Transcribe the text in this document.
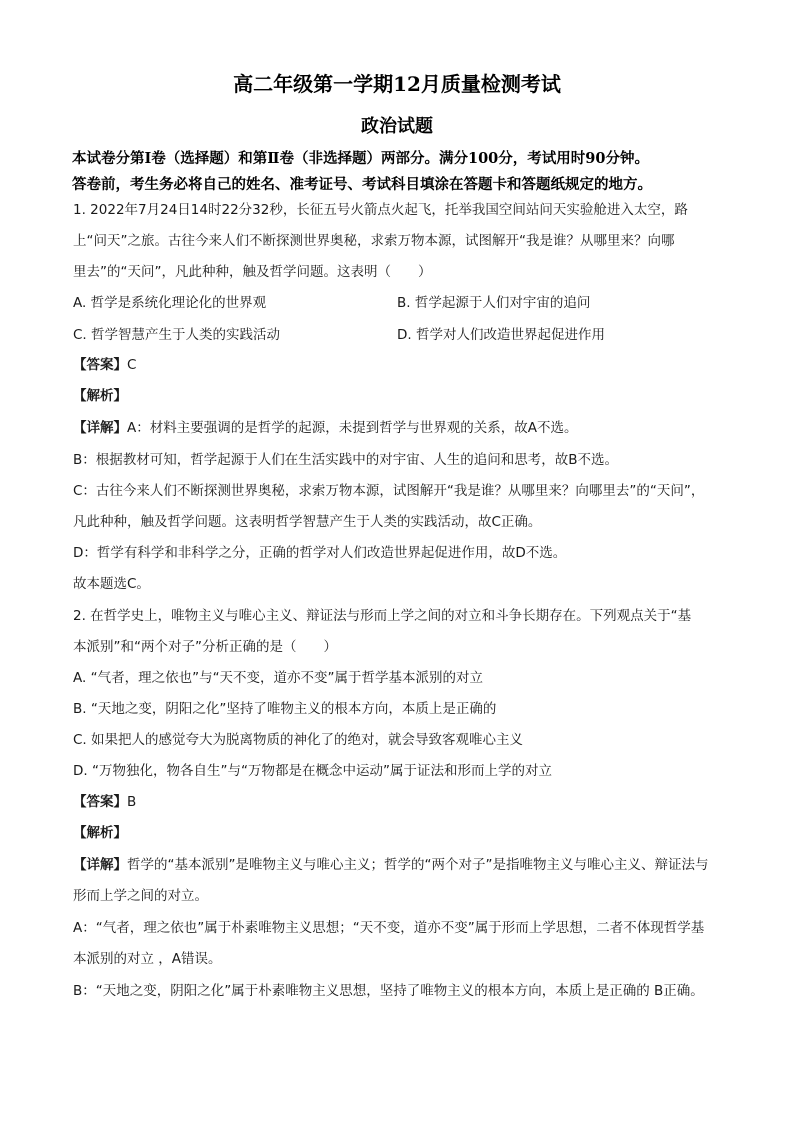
高二年级第一学期12月质量检测考试
政治试题
本试卷分第Ⅰ卷（选择题）和第Ⅱ卷（非选择题）两部分。满分100分，考试用时90分钟。
答卷前，考生务必将自己的姓名、准考证号、考试科目填涂在答题卡和答题纸规定的地方。
1. 2022年7月24日14时22分32秒，长征五号火箭点火起飞，托举我国空间站问天实验舱进入太空，路
上“问天”之旅。古往今来人们不断探测世界奥秘，求索万物本源，试图解开“我是谁？从哪里来？向哪
里去”的“天问”，凡此种种，触及哲学问题。这表明（　　）
A. 哲学是系统化理论化的世界观	B. 哲学起源于人们对宇宙的追问
C. 哲学智慧产生于人类的实践活动	D. 哲学对人们改造世界起促进作用
【答案】C
【解析】
【详解】A：材料主要强调的是哲学的起源，未提到哲学与世界观的关系，故A不选。
B：根据教材可知，哲学起源于人们在生活实践中的对宇宙、人生的追问和思考，故B不选。
C：古往今来人们不断探测世界奥秘，求索万物本源，试图解开“我是谁？从哪里来？向哪里去”的“天问”，
凡此种种，触及哲学问题。这表明哲学智慧产生于人类的实践活动，故C正确。
D：哲学有科学和非科学之分，正确的哲学对人们改造世界起促进作用，故D不选。
故本题选C。
2. 在哲学史上，唯物主义与唯心主义、辩证法与形而上学之间的对立和斗争长期存在。下列观点关于“基
本派别”和“两个对子”分析正确的是（　　）
A. “气者，理之依也”与“天不变，道亦不变”属于哲学基本派别的对立
B. “天地之变，阴阳之化”坚持了唯物主义的根本方向，本质上是正确的
C. 如果把人的感觉夸大为脱离物质的神化了的绝对，就会导致客观唯心主义
D. “万物独化，物各自生”与“万物都是在概念中运动”属于证法和形而上学的对立
【答案】B
【解析】
【详解】哲学的“基本派别”是唯物主义与唯心主义；哲学的“两个对子”是指唯物主义与唯心主义、辩证法与
形而上学之间的对立。
A：“气者，理之依也”属于朴素唯物主义思想；“天不变，道亦不变”属于形而上学思想，二者不体现哲学基
本派别的对立 ，A错误。
B：“天地之变，阴阳之化”属于朴素唯物主义思想，坚持了唯物主义的根本方向，本质上是正确的 B正确。
